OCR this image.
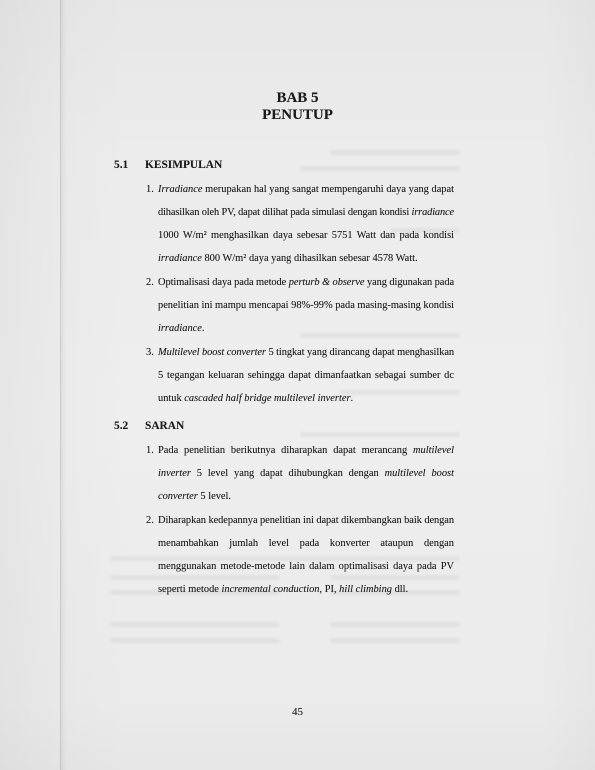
BAB 5
PENUTUP
5.1 KESIMPULAN
1. Irradiance merupakan hal yang sangat mempengaruhi daya yang dapat
dihasilkan oleh PV, dapat dilihat pada simulasi dengan kondisi irradiance
1000 W/m² menghasilkan daya sebesar 5751 Watt dan pada kondisi
irradiance 800 W/m² daya yang dihasilkan sebesar 4578 Watt.
2. Optimalisasi daya pada metode perturb & observe yang digunakan pada
penelitian ini mampu mencapai 98%-99% pada masing-masing kondisi
irradiance.
3. Multilevel boost converter 5 tingkat yang dirancang dapat menghasilkan
5 tegangan keluaran sehingga dapat dimanfaatkan sebagai sumber dc
untuk cascaded half bridge multilevel inverter.
5.2 SARAN
1. Pada penelitian berikutnya diharapkan dapat merancang multilevel
inverter 5 level yang dapat dihubungkan dengan multilevel boost
converter 5 level.
2. Diharapkan kedepannya penelitian ini dapat dikembangkan baik dengan
menambahkan jumlah level pada konverter ataupun dengan
menggunakan metode-metode lain dalam optimalisasi daya pada PV
seperti metode incremental conduction, PI, hill climbing dll.
45
